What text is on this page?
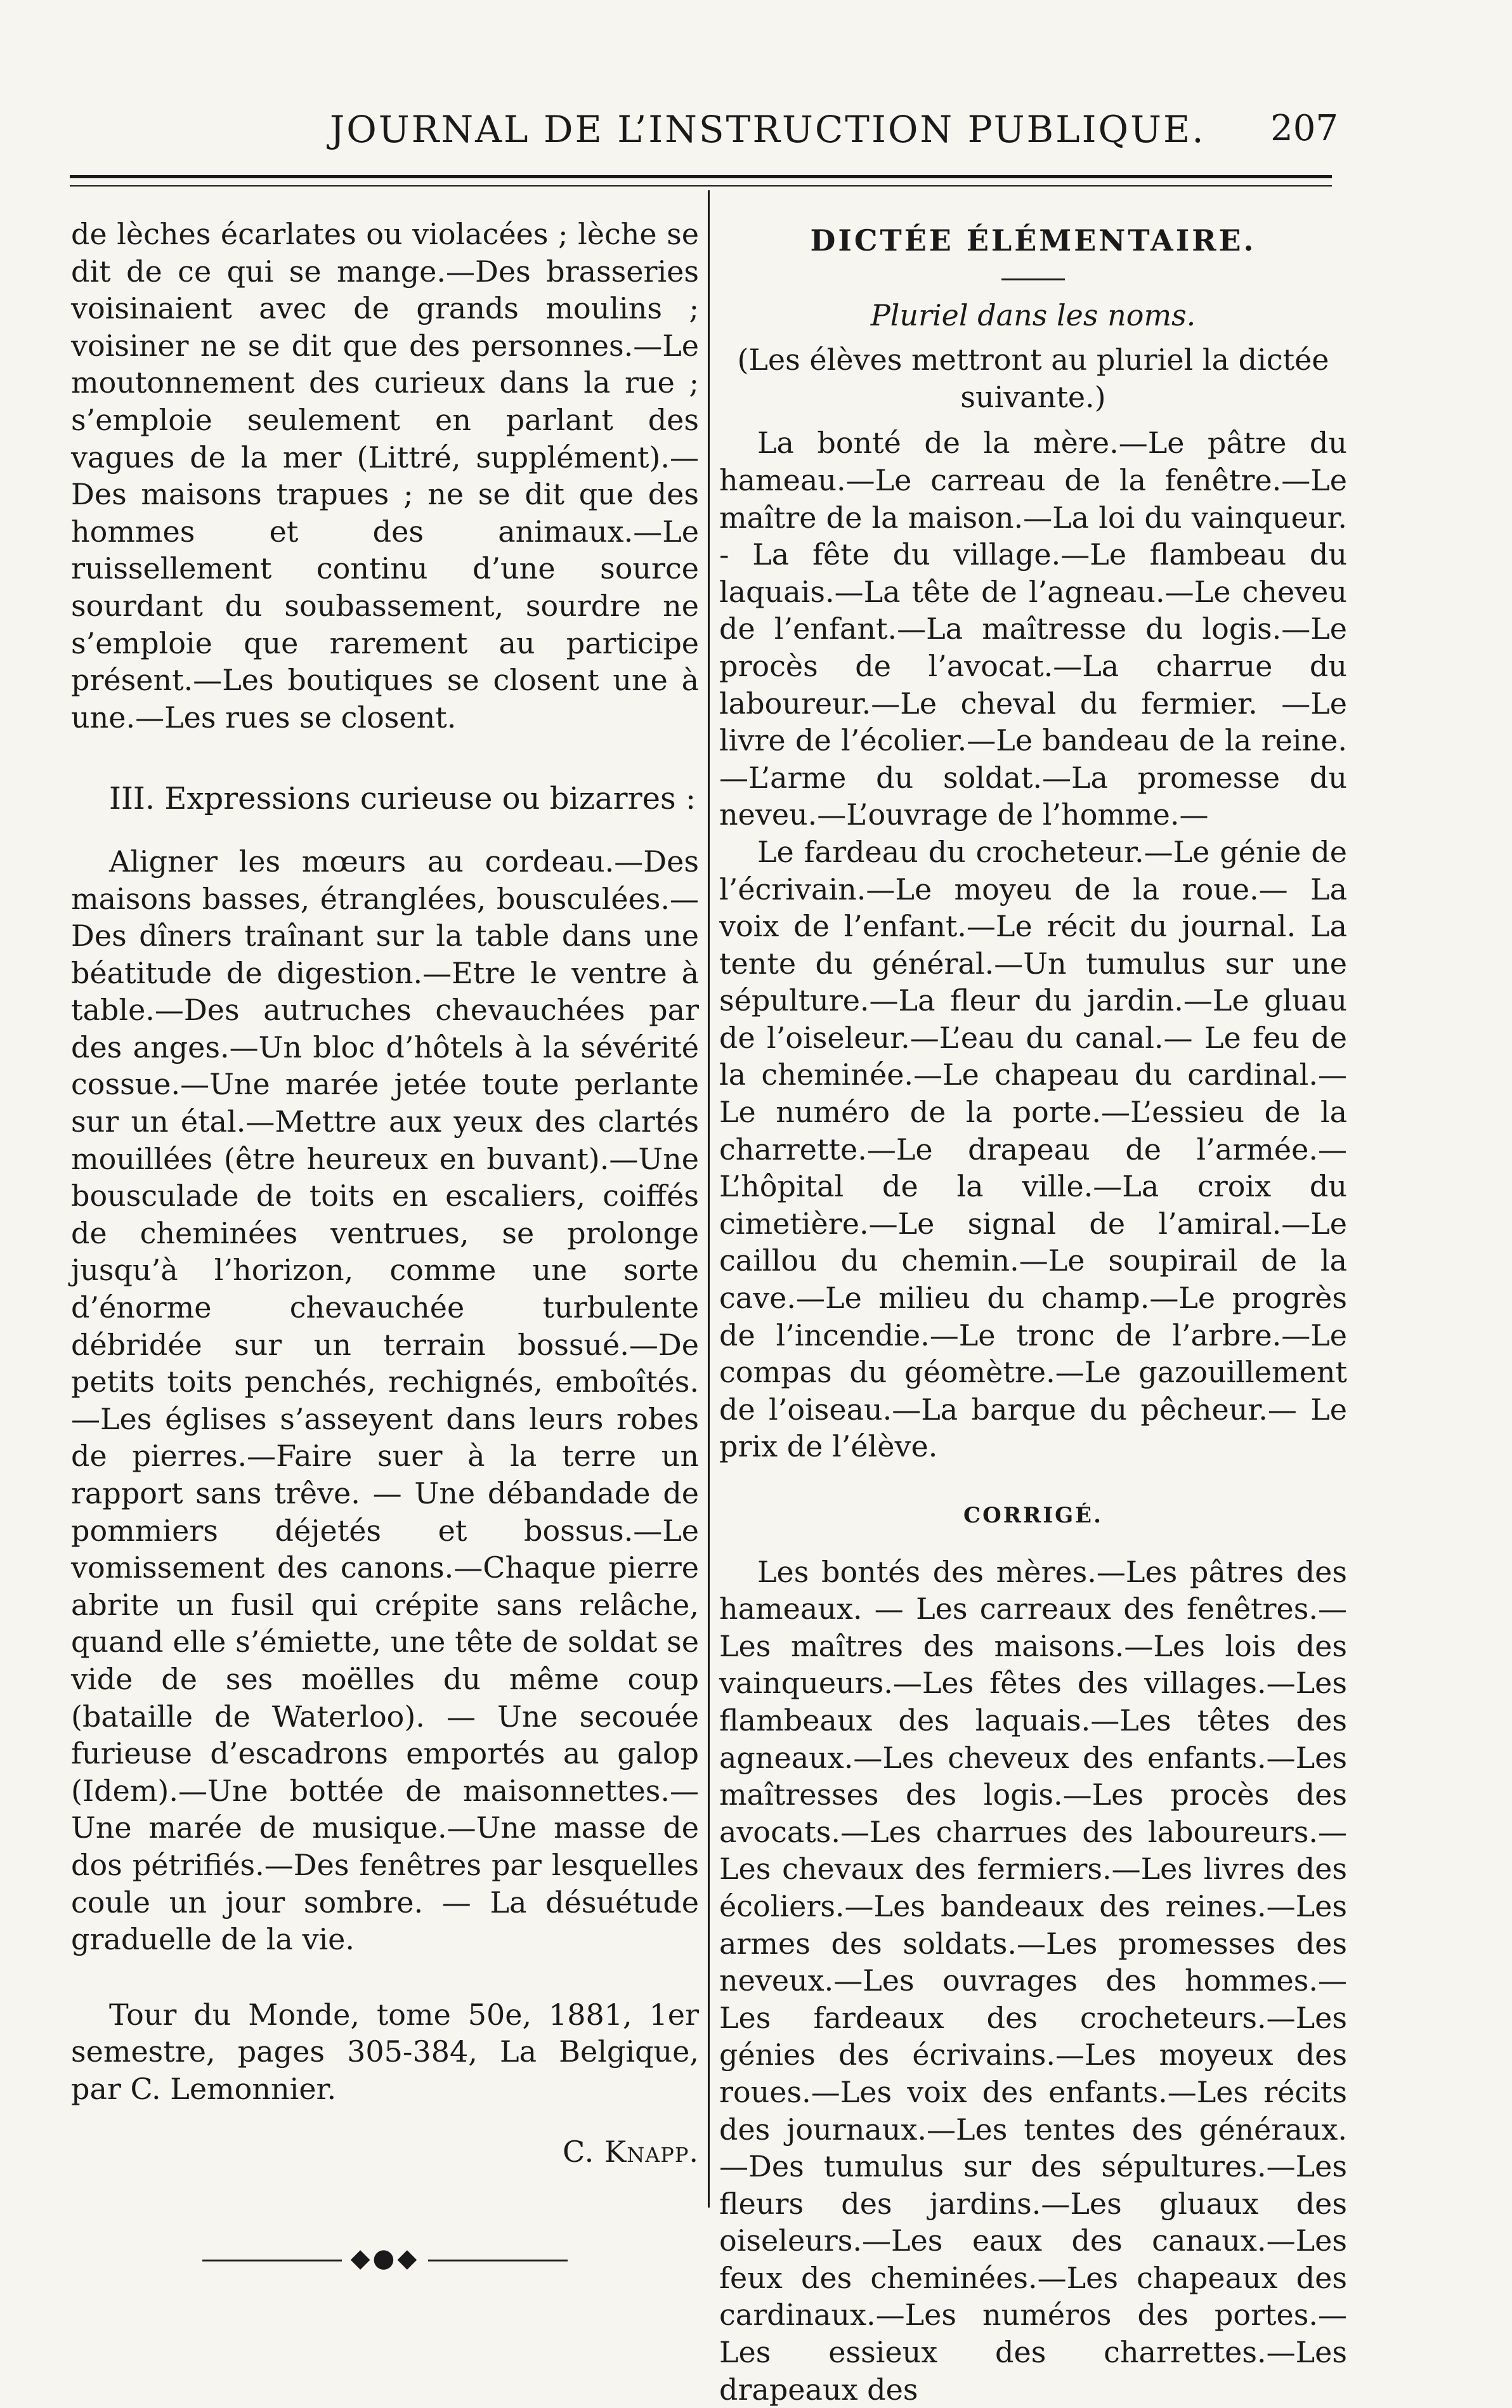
JOURNAL DE L’INSTRUCTION PUBLIQUE. 207

de lèches écarlates ou violacées ; lèche se dit de ce qui se mange.—Des brasseries voisinaient avec de grands moulins ; voisiner ne se dit que des personnes.—Le moutonnement des curieux dans la rue ; s’emploie seulement en parlant des vagues de la mer (Littré, supplément).—Des maisons trapues ; ne se dit que des hommes et des animaux.—Le ruissellement continu d’une source sourdant du soubassement, sourdre ne s’emploie que rarement au participe présent.—Les boutiques se closent une à une.—Les rues se closent.

III. Expressions curieuse ou bizarres :

Aligner les mœurs au cordeau.—Des maisons basses, étranglées, bousculées.—Des dîners traînant sur la table dans une béatitude de digestion.—Etre le ventre à table.—Des autruches chevauchées par des anges.—Un bloc d’hôtels à la sévérité cossue.—Une marée jetée toute perlante sur un étal.—Mettre aux yeux des clartés mouillées (être heureux en buvant).—Une bousculade de toits en escaliers, coiffés de cheminées ventrues, se prolonge jusqu’à l’horizon, comme une sorte d’énorme chevauchée turbulente débridée sur un terrain bossué.—De petits toits penchés, rechignés, emboîtés.—Les églises s’asseyent dans leurs robes de pierres.—Faire suer à la terre un rapport sans trêve. — Une débandade de pommiers déjetés et bossus.—Le vomissement des canons.—Chaque pierre abrite un fusil qui crépite sans relâche, quand elle s’émiette, une tête de soldat se vide de ses moëlles du même coup (bataille de Waterloo). — Une secouée furieuse d’escadrons emportés au galop (Idem).—Une bottée de maisonnettes.—Une marée de musique.—Une masse de dos pétrifiés.—Des fenêtres par lesquelles coule un jour sombre. — La désuétude graduelle de la vie.

Tour du Monde, tome 50e, 1881, 1er semestre, pages 305-384, La Belgique, par C. Lemonnier.

C. Knapp.

◆●◆
DICTÉE ÉLÉMENTAIRE.
Pluriel dans les noms.
(Les élèves mettront au pluriel la dictée suivante.)

La bonté de la mère.—Le pâtre du hameau.—Le carreau de la fenêtre.—Le maître de la maison.—La loi du vainqueur. - La fête du village.—Le flambeau du laquais.—La tête de l’agneau.—Le cheveu de l’enfant.—La maîtresse du logis.—Le procès de l’avocat.—La charrue du laboureur.—Le cheval du fermier. —Le livre de l’écolier.—Le bandeau de la reine.—L’arme du soldat.—La promesse du neveu.—L’ouvrage de l’homme.—

Le fardeau du crocheteur.—Le génie de l’écrivain.—Le moyeu de la roue.— La voix de l’enfant.—Le récit du journal. La tente du général.—Un tumulus sur une sépulture.—La fleur du jardin.—Le gluau de l’oiseleur.—L’eau du canal.— Le feu de la cheminée.—Le chapeau du cardinal.—Le numéro de la porte.—L’essieu de la charrette.—Le drapeau de l’armée.—L’hôpital de la ville.—La croix du cimetière.—Le signal de l’amiral.—Le caillou du chemin.—Le soupirail de la cave.—Le milieu du champ.—Le progrès de l’incendie.—Le tronc de l’arbre.—Le compas du géomètre.—Le gazouillement de l’oiseau.—La barque du pêcheur.— Le prix de l’élève.

CORRIGÉ.

Les bontés des mères.—Les pâtres des hameaux. — Les carreaux des fenêtres.— Les maîtres des maisons.—Les lois des vainqueurs.—Les fêtes des villages.—Les flambeaux des laquais.—Les têtes des agneaux.—Les cheveux des enfants.—Les maîtresses des logis.—Les procès des avocats.—Les charrues des laboureurs.— Les chevaux des fermiers.—Les livres des écoliers.—Les bandeaux des reines.—Les armes des soldats.—Les promesses des neveux.—Les ouvrages des hommes.— Les fardeaux des crocheteurs.—Les génies des écrivains.—Les moyeux des roues.—Les voix des enfants.—Les récits des journaux.—Les tentes des généraux. —Des tumulus sur des sépultures.—Les fleurs des jardins.—Les gluaux des oiseleurs.—Les eaux des canaux.—Les feux des cheminées.—Les chapeaux des cardinaux.—Les numéros des portes.—Les essieux des charrettes.—Les drapeaux des
